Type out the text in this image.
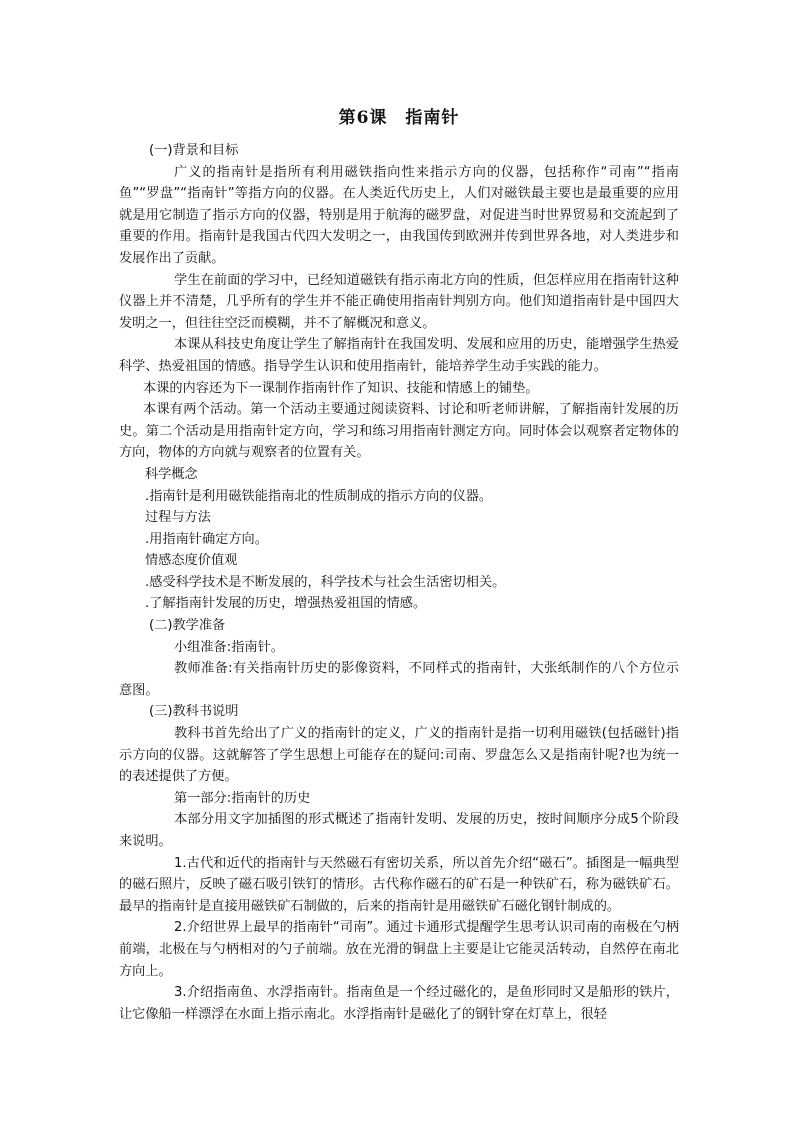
第6课　指南针

(一)背景和目标

广义的指南针是指所有利用磁铁指向性来指示方向的仪器，包括称作“司南”“指南鱼”“罗盘”“指南针”等指方向的仪器。在人类近代历史上，人们对磁铁最主要也是最重要的应用就是用它制造了指示方向的仪器，特别是用于航海的磁罗盘，对促进当时世界贸易和交流起到了重要的作用。指南针是我国古代四大发明之一，由我国传到欧洲并传到世界各地，对人类进步和发展作出了贡献。

学生在前面的学习中，已经知道磁铁有指示南北方向的性质，但怎样应用在指南针这种仪器上并不清楚，几乎所有的学生并不能正确使用指南针判别方向。他们知道指南针是中国四大发明之一，但往往空泛而模糊，并不了解概况和意义。

本课从科技史角度让学生了解指南针在我国发明、发展和应用的历史，能增强学生热爱科学、热爱祖国的情感。指导学生认识和使用指南针，能培养学生动手实践的能力。

本课的内容还为下一课制作指南针作了知识、技能和情感上的铺垫。

本课有两个活动。第一个活动主要通过阅读资料、讨论和听老师讲解，了解指南针发展的历史。第二个活动是用指南针定方向，学习和练习用指南针测定方向。同时体会以观察者定物体的方向，物体的方向就与观察者的位置有关。

科学概念

.指南针是利用磁铁能指南北的性质制成的指示方向的仪器。

过程与方法

.用指南针确定方向。

情感态度价值观

.感受科学技术是不断发展的，科学技术与社会生活密切相关。

.了解指南针发展的历史，增强热爱祖国的情感。

(二)教学准备

小组准备:指南针。

教师准备:有关指南针历史的影像资料，不同样式的指南针，大张纸制作的八个方位示意图。

(三)教科书说明

教科书首先给出了广义的指南针的定义，广义的指南针是指一切利用磁铁(包括磁针)指示方向的仪器。这就解答了学生思想上可能存在的疑问:司南、罗盘怎么又是指南针呢?也为统一的表述提供了方便。

第一部分:指南针的历史

本部分用文字加插图的形式概述了指南针发明、发展的历史，按时间顺序分成5个阶段来说明。

1.古代和近代的指南针与天然磁石有密切关系，所以首先介绍“磁石”。插图是一幅典型的磁石照片，反映了磁石吸引铁钉的情形。古代称作磁石的矿石是一种铁矿石，称为磁铁矿石。最早的指南针是直接用磁铁矿石制做的，后来的指南针是用磁铁矿石磁化钢针制成的。

2.介绍世界上最早的指南针“司南”。通过卡通形式提醒学生思考认识司南的南极在勺柄前端，北极在与勺柄相对的勺子前端。放在光滑的铜盘上主要是让它能灵活转动，自然停在南北方向上。

3.介绍指南鱼、水浮指南针。指南鱼是一个经过磁化的，是鱼形同时又是船形的铁片，让它像船一样漂浮在水面上指示南北。水浮指南针是磁化了的钢针穿在灯草上，很轻
